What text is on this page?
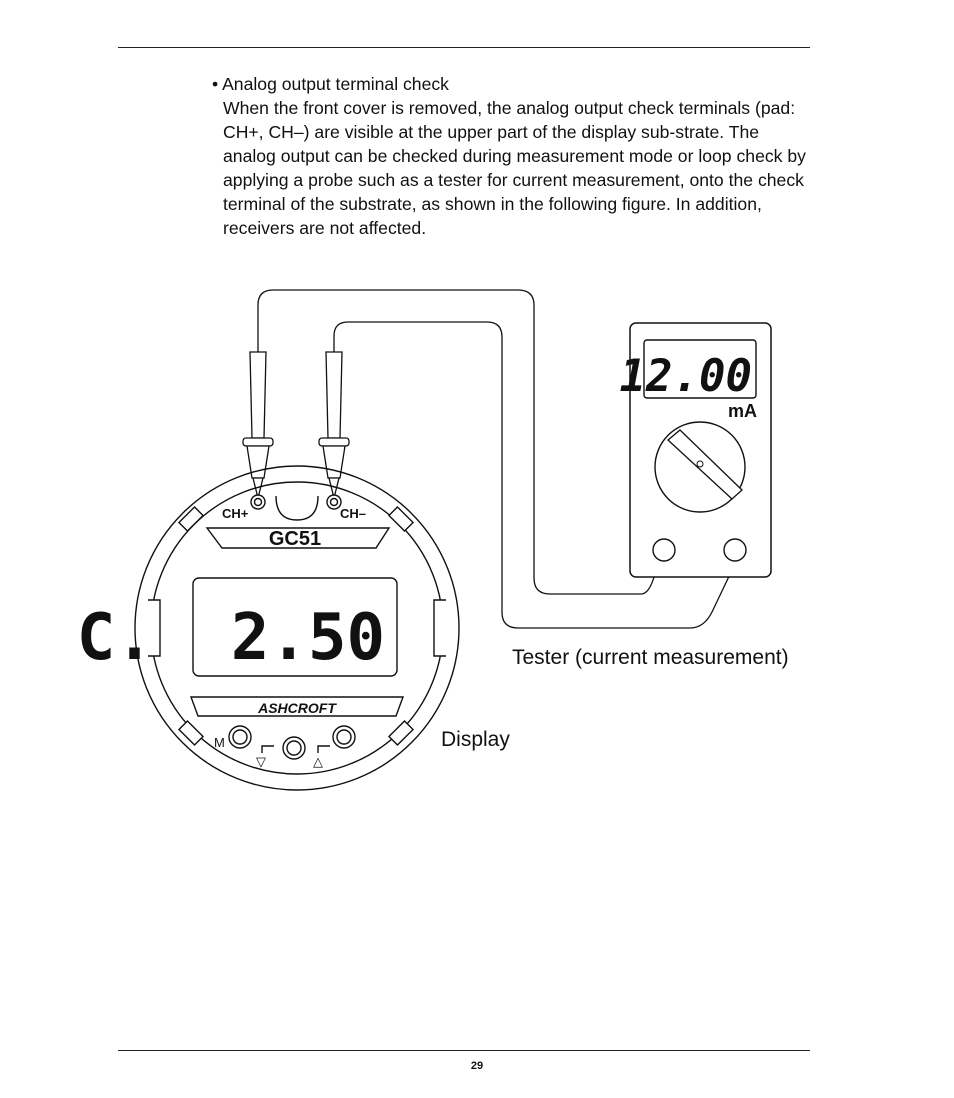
• Analog output terminal check
When the front cover is removed, the analog output check terminals (pad: CH+, CH–) are visible at the upper part of the display sub-strate. The analog output can be checked during measurement mode or loop check by applying a probe such as a tester for current measurement, onto the check terminal of the substrate, as shown in the following figure. In addition, receivers are not affected.
12.00
mA
CH+	CH–
GC51
C.  2.50
ASHCROFT
M
▽	△
Tester (current measurement)
Display
29
